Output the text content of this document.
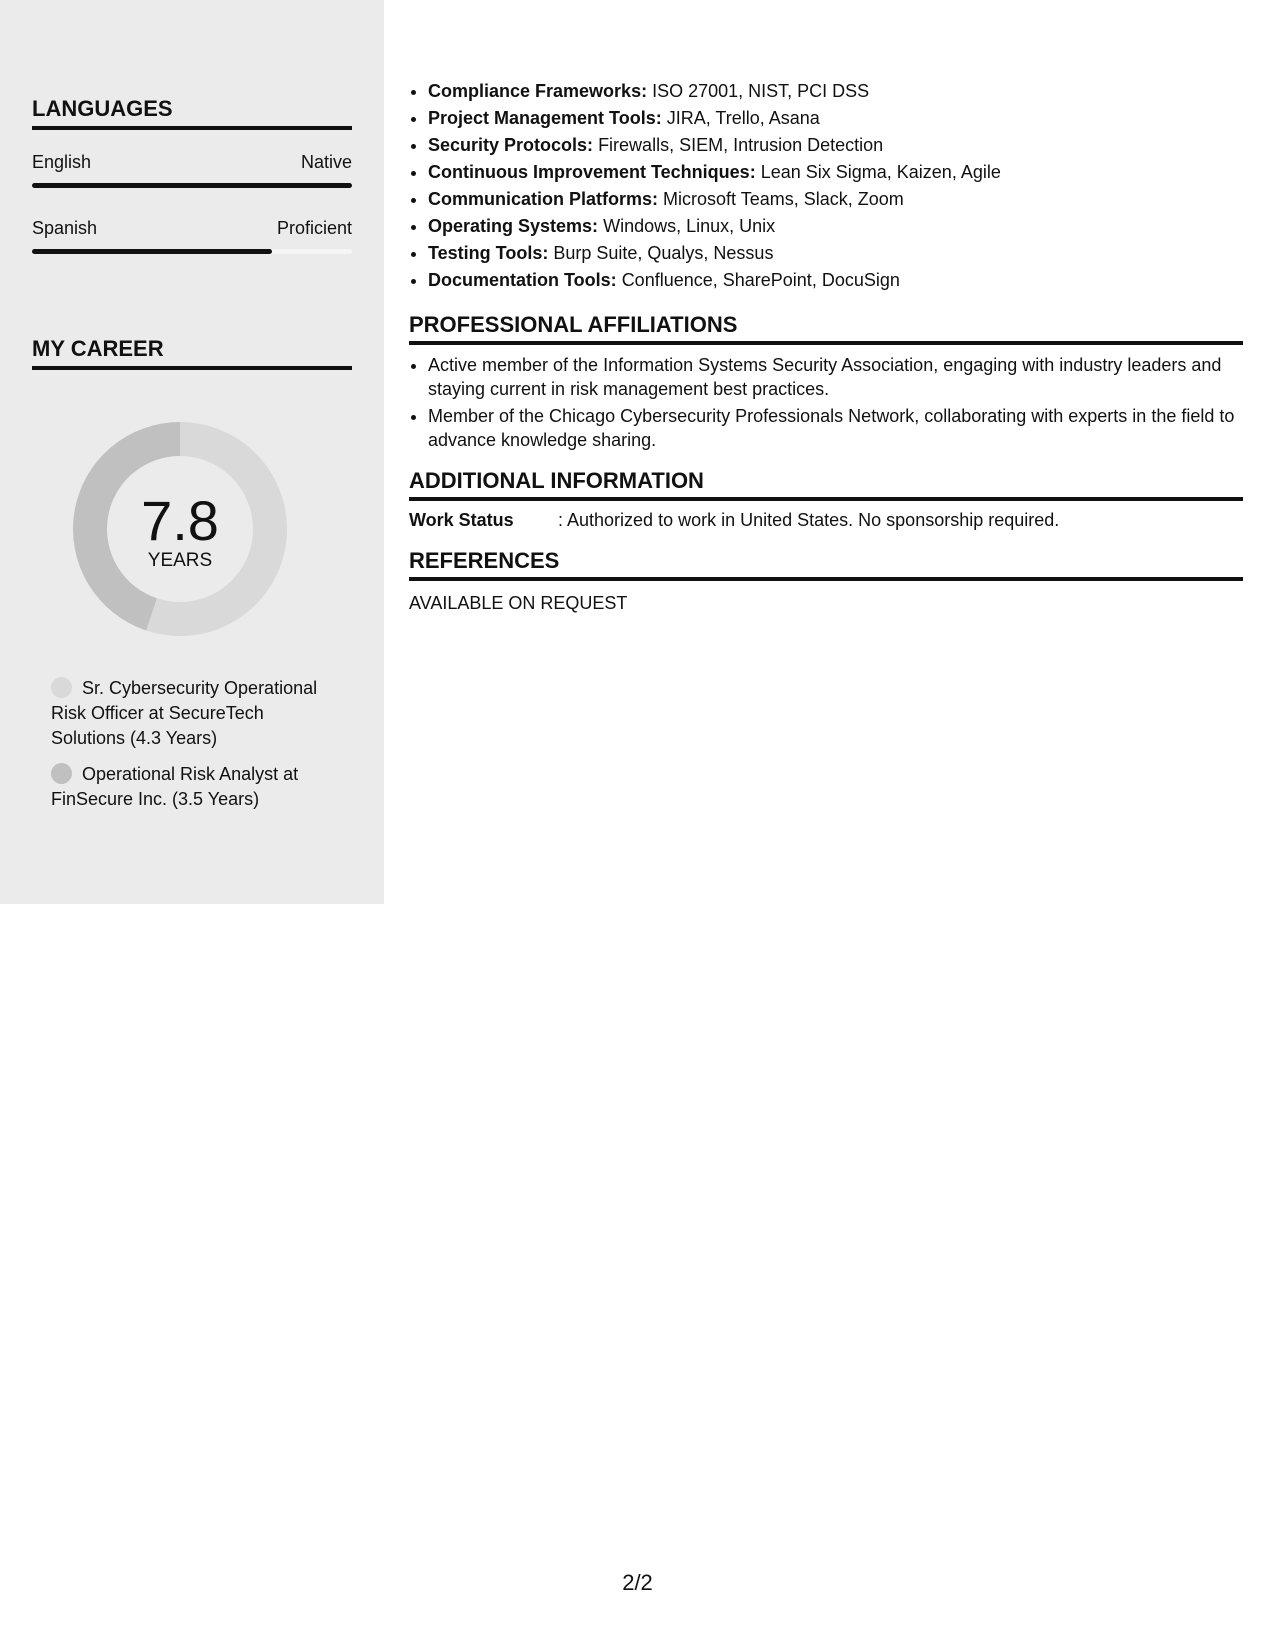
LANGUAGES
English	Native
Spanish	Proficient
MY CAREER
7.8
YEARS
Sr. Cybersecurity Operational Risk Officer at SecureTech Solutions (4.3 Years)
Operational Risk Analyst at FinSecure Inc. (3.5 Years)
• Compliance Frameworks: ISO 27001, NIST, PCI DSS
• Project Management Tools: JIRA, Trello, Asana
• Security Protocols: Firewalls, SIEM, Intrusion Detection
• Continuous Improvement Techniques: Lean Six Sigma, Kaizen, Agile
• Communication Platforms: Microsoft Teams, Slack, Zoom
• Operating Systems: Windows, Linux, Unix
• Testing Tools: Burp Suite, Qualys, Nessus
• Documentation Tools: Confluence, SharePoint, DocuSign
PROFESSIONAL AFFILIATIONS
• Active member of the Information Systems Security Association, engaging with industry leaders and staying current in risk management best practices.
• Member of the Chicago Cybersecurity Professionals Network, collaborating with experts in the field to advance knowledge sharing.
ADDITIONAL INFORMATION
Work Status	: Authorized to work in United States. No sponsorship required.
REFERENCES
AVAILABLE ON REQUEST
2/2
